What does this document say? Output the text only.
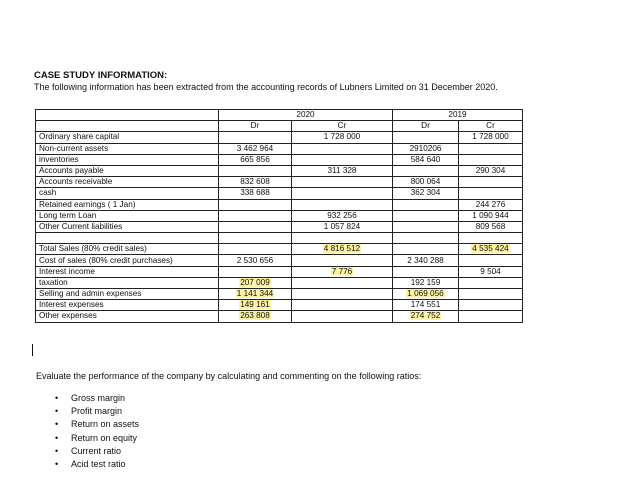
CASE STUDY INFORMATION:
The following information has been extracted from the accounting records of Lubners Limited on 31 December 2020.
	2020		2019	
	Dr	Cr	Dr	Cr
Ordinary share capital		1 728 000		1 728 000
Non-current assets	3 462 964		2910206	
inventories	665 856		584 640	
Accounts payable		311 328		290 304
Accounts receivable	832 608		800 064	
cash	338 688		362 304	
Retained earnings ( 1 Jan)				244 276
Long term Loan		932 256		1 090 944
Other Current liabilities		1 057 824		809 568

Total Sales (80% credit sales)		4 816 512		4 535 424
Cost of sales (80% credit purchases)	2 530 656		2 340 288	
Interest income		7 776		9 504
taxation	207 009		192 159	
Selling and admin expenses	1 141 344		1 069 056	
Interest expenses	149 161		174 551	
Other expenses	263 808		274 752	
Evaluate the performance of the company by calculating and commenting on the following ratios:
• Gross margin
• Profit margin
• Return on assets
• Return on equity
• Current ratio
• Acid test ratio
